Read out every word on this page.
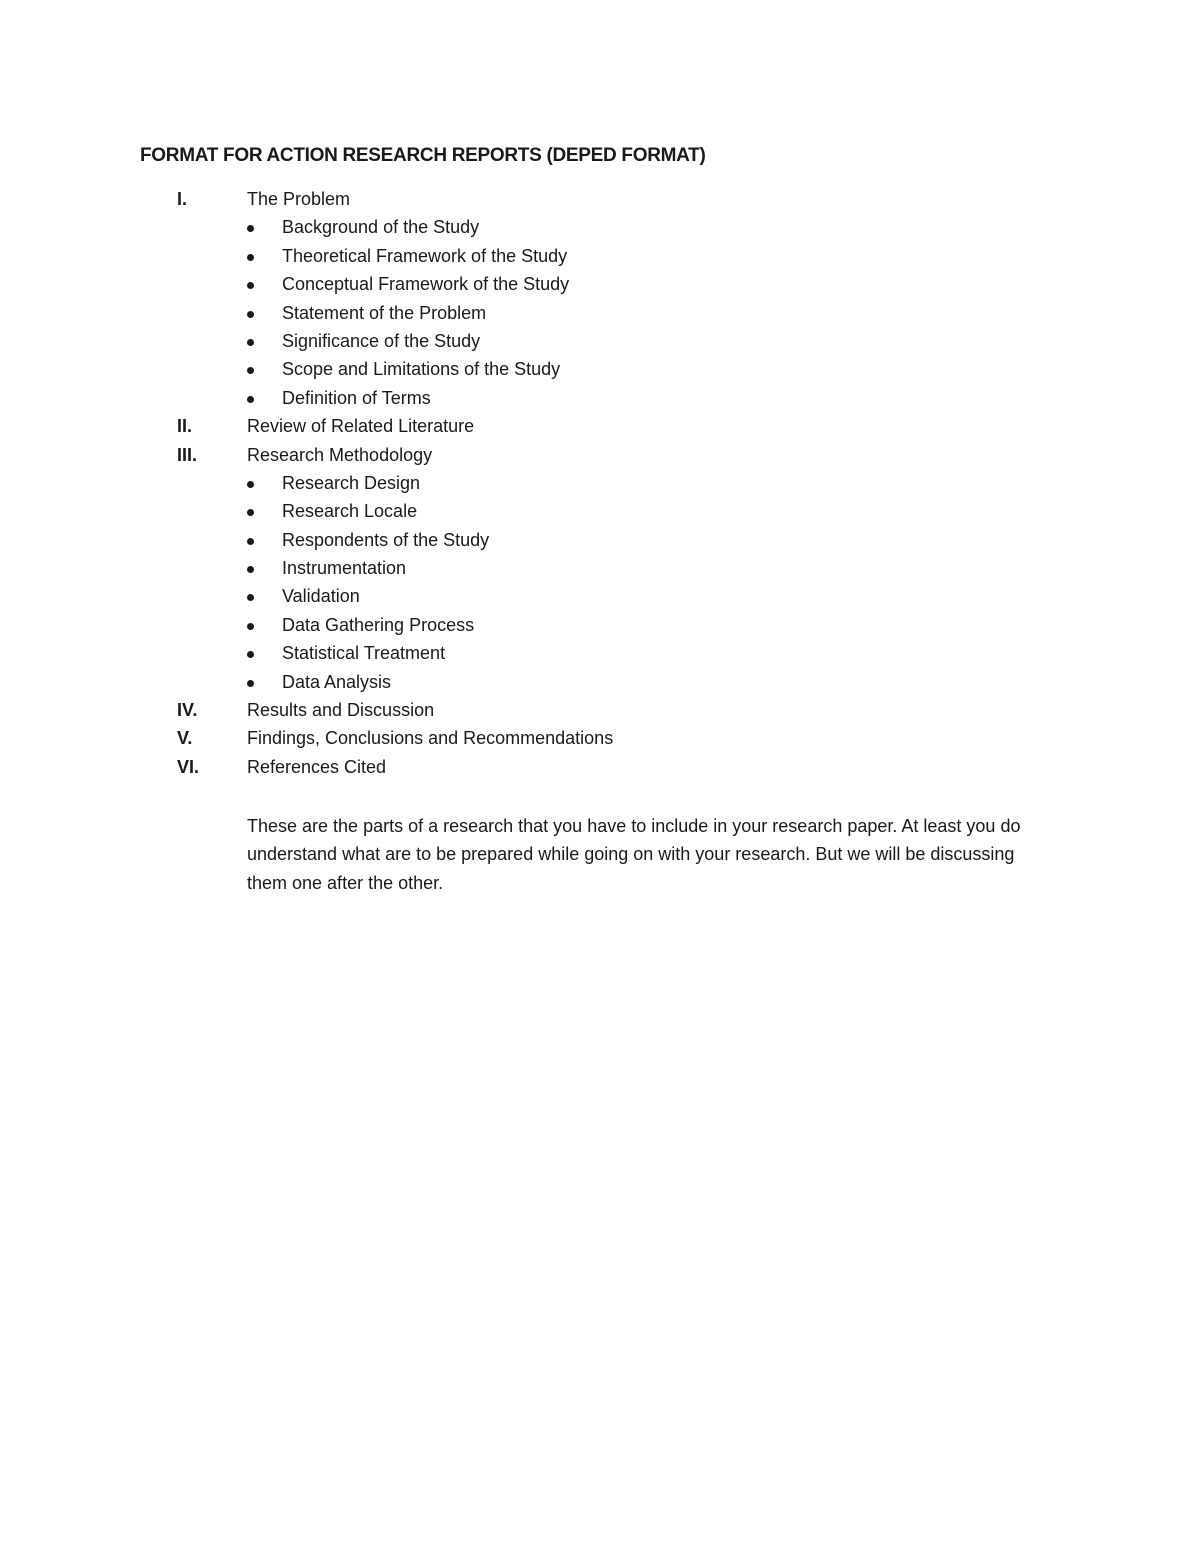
FORMAT FOR ACTION RESEARCH REPORTS (DEPED FORMAT)
I.	The Problem
Background of the Study
Theoretical Framework of the Study
Conceptual Framework of the Study
Statement of the Problem
Significance of the Study
Scope and Limitations of the Study
Definition of Terms
II.	Review of Related Literature
III.	Research Methodology
Research Design
Research Locale
Respondents of the Study
Instrumentation
Validation
Data Gathering Process
Statistical Treatment
Data Analysis
IV.	Results and Discussion
V.	Findings, Conclusions and Recommendations
VI.	References Cited

These are the parts of a research that you have to include in your research paper. At least you do understand what are to be prepared while going on with your research. But we will be discussing them one after the other.
